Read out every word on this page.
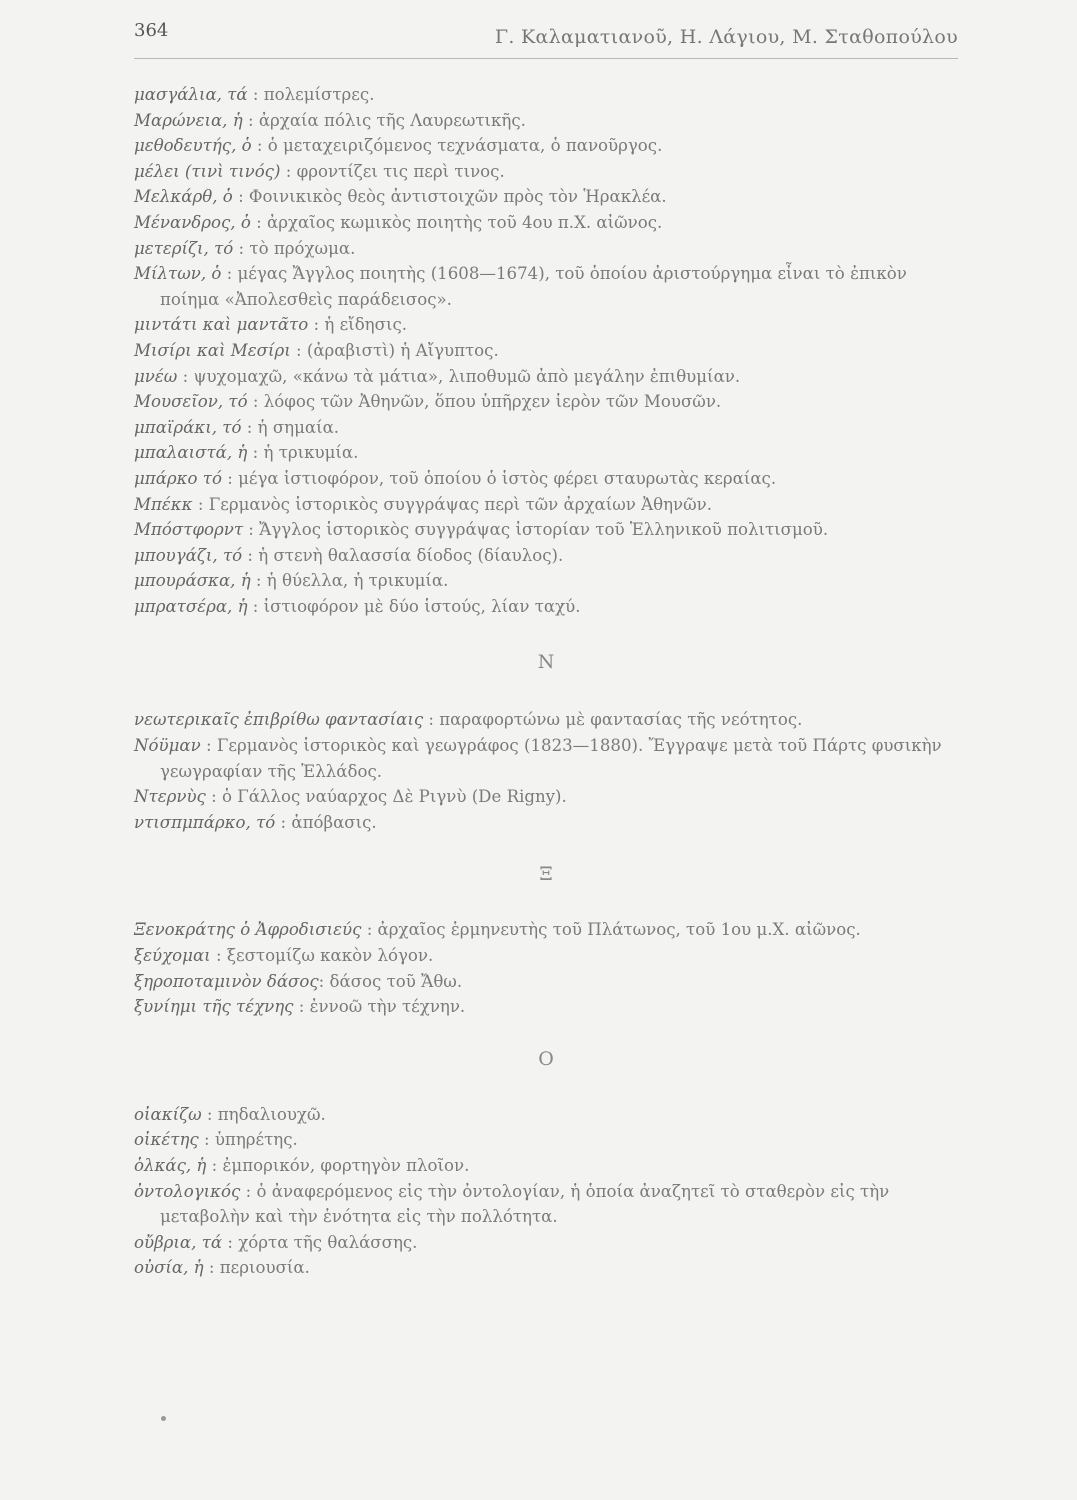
364	Γ. Καλαματιανοῦ, Η. Λάγιου, Μ. Σταθοπούλου
μασγάλια, τά : πολεμίστρες.
Μαρώνεια, ἡ : ἀρχαία πόλις τῆς Λαυρεωτικῆς.
μεθοδευτής, ὁ : ὁ μεταχειριζόμενος τεχνάσματα, ὁ πανοῦργος.
μέλει (τινὶ τινός) : φροντίζει τις περὶ τινος.
Μελκάρθ, ὁ : Φοινικικὸς θεὸς ἀντιστοιχῶν πρὸς τὸν Ἡρακλέα.
Μένανδρος, ὁ : ἀρχαῖος κωμικὸς ποιητὴς τοῦ 4ου π.Χ. αἰῶνος.
μετερίζι, τό : τὸ πρόχωμα.
Μίλτων, ὁ : μέγας Ἄγγλος ποιητὴς (1608—1674), τοῦ ὁποίου ἀριστούργημα εἶναι τὸ ἐπικὸν ποίημα «Ἀπολεσθεὶς παράδεισος».
μιντάτι καὶ μαντᾶτο : ἡ εἴδησις.
Μισίρι καὶ Μεσίρι : (ἀραβιστὶ) ἡ Αἴγυπτος.
μνέω : ψυχομαχῶ, «κάνω τὰ μάτια», λιποθυμῶ ἀπὸ μεγάλην ἐπιθυμίαν.
Μουσεῖον, τό : λόφος τῶν Ἀθηνῶν, ὅπου ὑπῆρχεν ἱερὸν τῶν Μουσῶν.
μπαϊράκι, τό : ἡ σημαία.
μπαλαιστά, ἡ : ἡ τρικυμία.
μπάρκο τό : μέγα ἱστιοφόρον, τοῦ ὁποίου ὁ ἱστὸς φέρει σταυρωτὰς κεραίας.
Μπέκκ : Γερμανὸς ἱστορικὸς συγγράψας περὶ τῶν ἀρχαίων Ἀθηνῶν.
Μπόστφορντ : Ἄγγλος ἱστορικὸς συγγράψας ἱστορίαν τοῦ Ἑλληνικοῦ πολιτισμοῦ.
μπουγάζι, τό : ἡ στενὴ θαλασσία δίοδος (δίαυλος).
μπουράσκα, ἡ : ἡ θύελλα, ἡ τρικυμία.
μπρατσέρα, ἡ : ἱστιοφόρον μὲ δύο ἱστούς, λίαν ταχύ.
Ν
νεωτερικαῖς ἐπιβρίθω φαντασίαις : παραφορτώνω μὲ φαντασίας τῆς νεότητος.
Νόϋμαν : Γερμανὸς ἱστορικὸς καὶ γεωγράφος (1823—1880). Ἔγγραψε μετὰ τοῦ Πάρτς φυσικὴν γεωγραφίαν τῆς Ἑλλάδος.
Ντερνὺς : ὁ Γάλλος ναύαρχος Δὲ Ριγνὺ (De Rigny).
ντισπμπάρκο, τό : ἀπόβασις.
Ξ
Ξενοκράτης ὁ Ἀφροδισιεύς : ἀρχαῖος ἑρμηνευτὴς τοῦ Πλάτωνος, τοῦ 1ου μ.Χ. αἰῶνος.
ξεύχομαι : ξεστομίζω κακὸν λόγον.
ξηροποταμινὸν δάσος: δάσος τοῦ Ἄθω.
ξυνίημι τῆς τέχνης : ἐννοῶ τὴν τέχνην.
Ο
οἰακίζω : πηδαλιουχῶ.
οἰκέτης : ὑπηρέτης.
ὁλκάς, ἡ : ἐμπορικόν, φορτηγὸν πλοῖον.
ὀντολογικός : ὁ ἀναφερόμενος εἰς τὴν ὀντολογίαν, ἡ ὁποία ἀναζητεῖ τὸ σταθερὸν εἰς τὴν μεταβολὴν καὶ τὴν ἑνότητα εἰς τὴν πολλότητα.
οὔβρια, τά : χόρτα τῆς θαλάσσης.
οὐσία, ἡ : περιουσία.
